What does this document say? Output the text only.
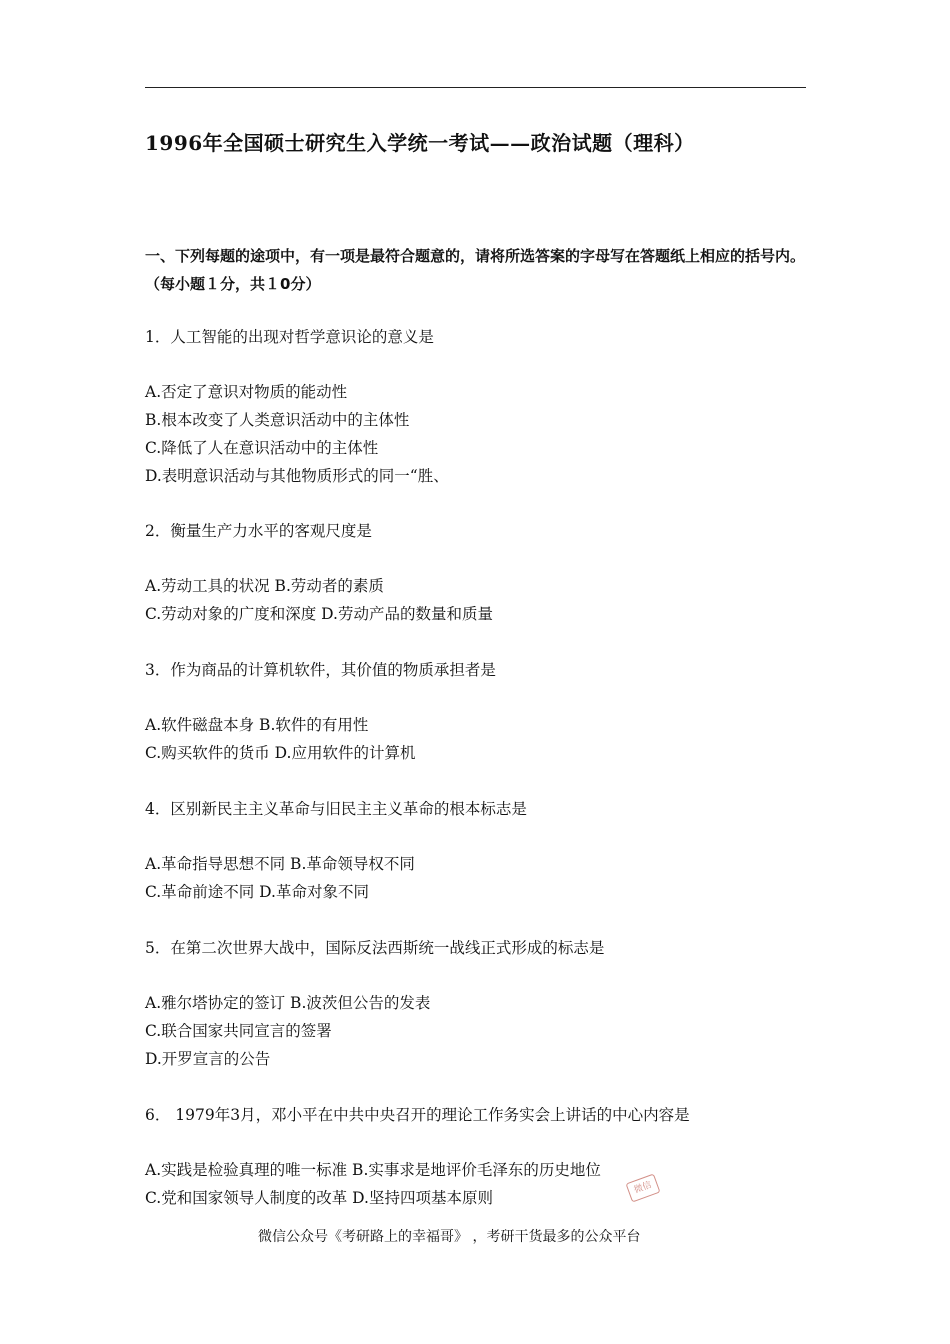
1996年全国硕士研究生入学统一考试——政治试题（理科）
一、下列每题的途项中，有一项是最符合题意的，请将所选答案的字母写在答题纸上相应的括号内。（每小题１分，共１0分）
1．人工智能的出现对哲学意识论的意义是
A.否定了意识对物质的能动性
B.根本改变了人类意识活动中的主体性
C.降低了人在意识活动中的主体性
D.表明意识活动与其他物质形式的同一“胜、
2．衡量生产力水平的客观尺度是
A.劳动工具的状况 B.劳动者的素质
C.劳动对象的广度和深度 D.劳动产品的数量和质量
3．作为商品的计算机软件，其价值的物质承担者是
A.软件磁盘本身 B.软件的有用性
C.购买软件的货币 D.应用软件的计算机
4．区别新民主主义革命与旧民主主义革命的根本标志是
A.革命指导思想不同 B.革命领导权不同
C.革命前途不同 D.革命对象不同
5．在第二次世界大战中，国际反法西斯统一战线正式形成的标志是
A.雅尔塔协定的签订 B.波茨但公告的发表
C.联合国家共同宣言的签署
D.开罗宣言的公告
6． 1979年3月，邓小平在中共中央召开的理论工作务实会上讲话的中心内容是
A.实践是检验真理的唯一标准 B.实事求是地评价毛泽东的历史地位
C.党和国家领导人制度的改革 D.坚持四项基本原则
微信
微信公众号《考研路上的幸福哥》 ，考研干货最多的公众平台
